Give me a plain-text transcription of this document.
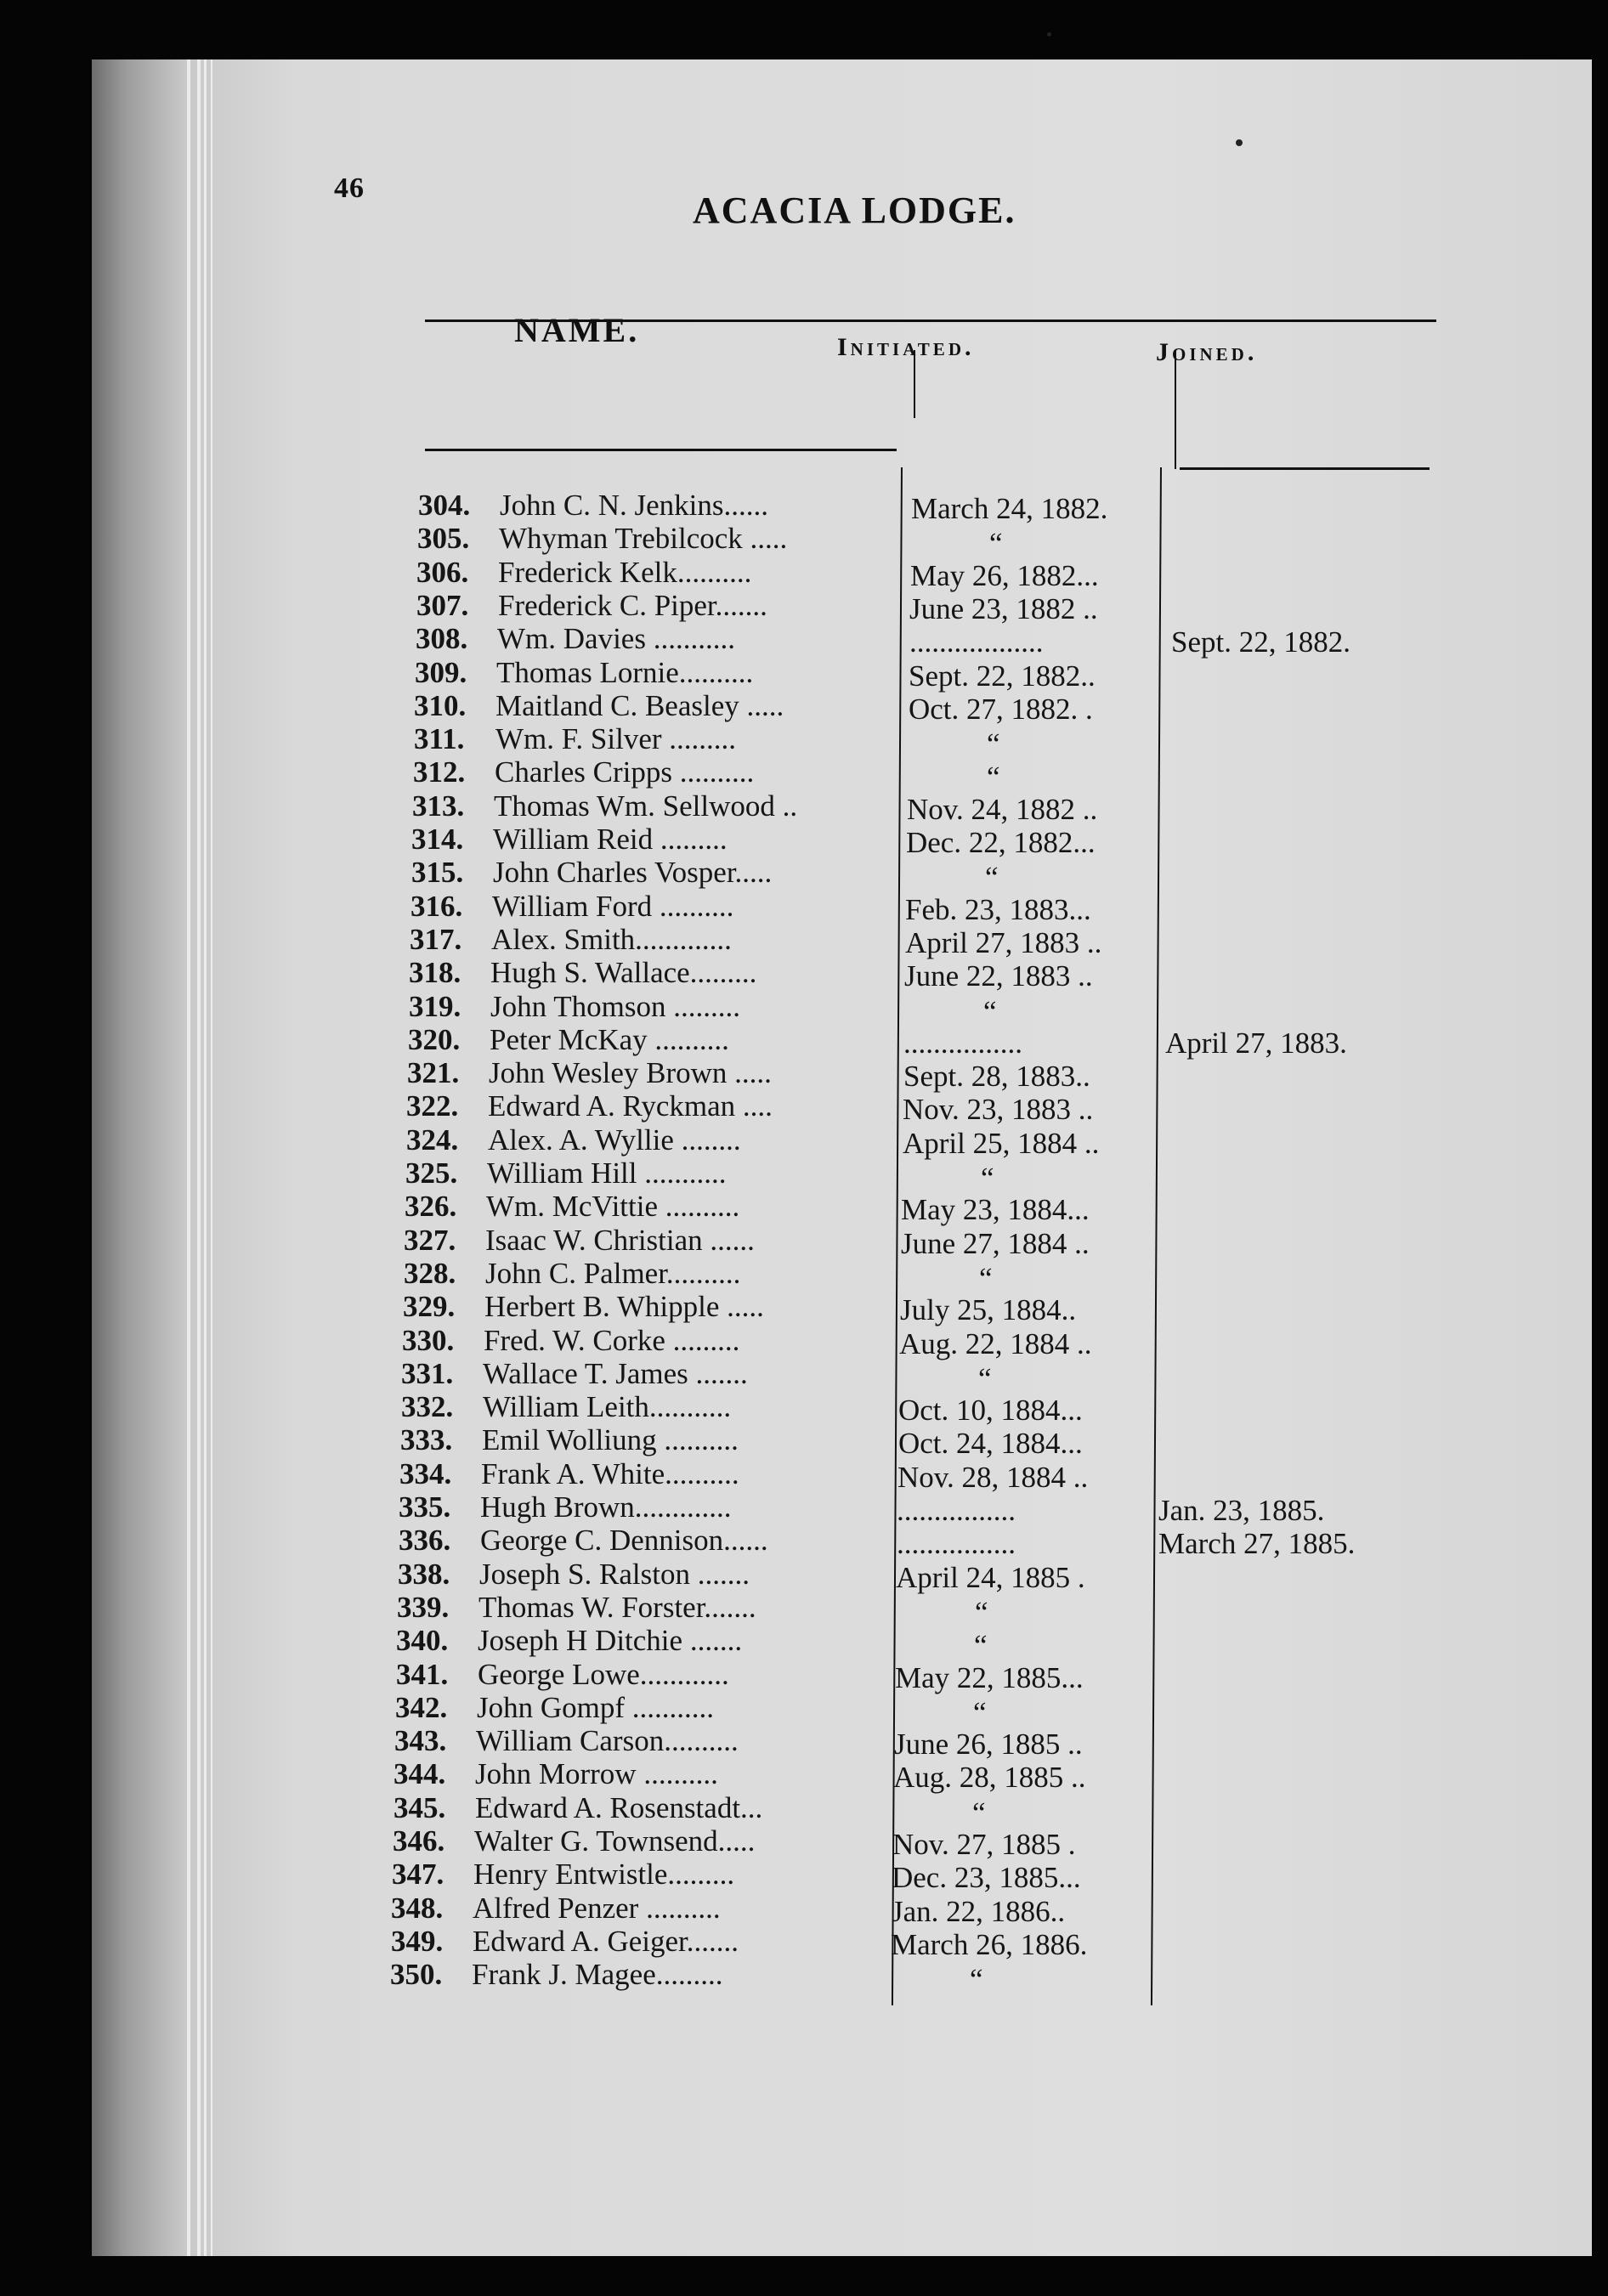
46
ACACIA LODGE.
NAME.	Initiated.	Joined.
304. John C. N. Jenkins......	March 24, 1882.
305. Whyman Trebilcock .....	“
306. Frederick Kelk..........	May 26, 1882...
307. Frederick C. Piper.......	June 23, 1882 ..
308. Wm. Davies ...........	..................	Sept. 22, 1882.
309. Thomas Lornie..........	Sept. 22, 1882..
310. Maitland C. Beasley .....	Oct. 27, 1882. .
311.	Wm. F. Silver .........	“
312. Charles Cripps ..........	“
313. Thomas Wm. Sellwood ..	Nov. 24, 1882 ..
314. William Reid .........	Dec. 22, 1882...
315. John Charles Vosper.....	“
316. William Ford ..........	Feb. 23, 1883...
317. Alex. Smith.............	April 27, 1883 ..
318. Hugh S. Wallace.........	June 22, 1883 ..
319. John Thomson .........	“
320. Peter McKay ..........	................	April 27, 1883.
321. John Wesley Brown .....	Sept. 28, 1883..
322. Edward A. Ryckman ....	Nov. 23, 1883 ..
324. Alex. A. Wyllie ........	April 25, 1884 ..
325. William Hill ...........	“
326. Wm. McVittie ..........	May 23, 1884...
327. Isaac W. Christian ......	June 27, 1884 ..
328. John C. Palmer..........	“
329. Herbert B. Whipple .....	July 25, 1884..
330. Fred. W. Corke .........	Aug. 22, 1884 ..
331. Wallace T. James .......	“
332. William Leith...........	Oct. 10, 1884...
333. Emil Wolliung ..........	Oct. 24, 1884...
334. Frank A. White..........	Nov. 28, 1884 ..
335. Hugh Brown.............	................	Jan. 23, 1885.
336. George C. Dennison......	................	March 27, 1885.
338. Joseph S. Ralston .......	April 24, 1885 .
339. Thomas W. Forster.......	“
340. Joseph H Ditchie .......	“
341. George Lowe............	May 22, 1885...
342. John Gompf ...........	“
343. William Carson..........	June 26, 1885 ..
344. John Morrow ..........	Aug. 28, 1885 ..
345. Edward A. Rosenstadt...	“
346. Walter G. Townsend.....	Nov. 27, 1885 .
347. Henry Entwistle.........	Dec. 23, 1885...
348. Alfred Penzer ..........	Jan. 22, 1886..
349. Edward A. Geiger.......	March 26, 1886.
350. Frank J. Magee.........	“
